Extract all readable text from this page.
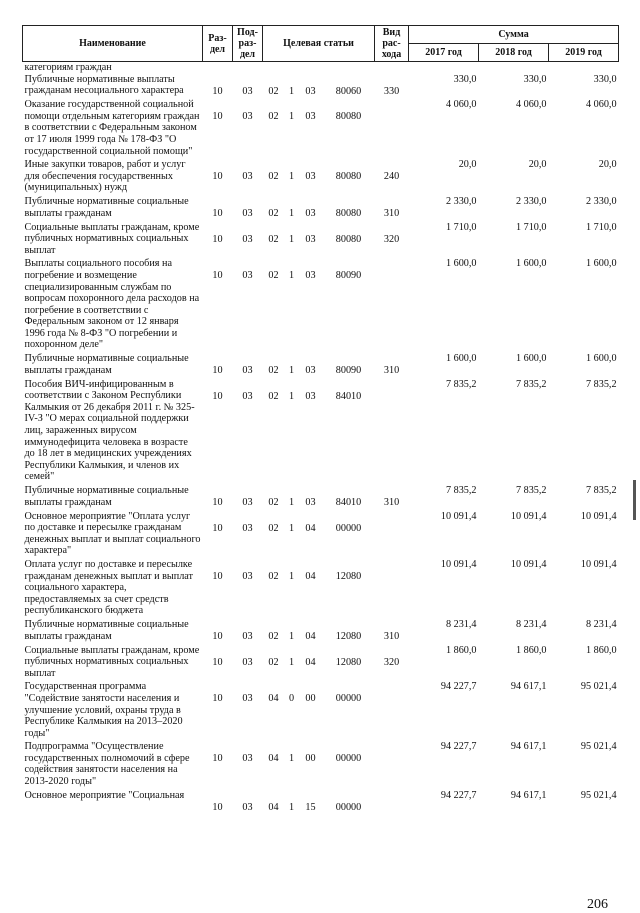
Наименование	Раз-дел	Под-раз-дел	Целевая статьи				Вид рас-хода	Сумма		
								2017 год	2018 год	2019 год
категориям граждан										
Публичные нормативные выплаты гражданам несоциального характера	10	03	02	1	03	80060	330	330,0	330,0	330,0
Оказание государственной социальной помощи отдельным категориям граждан в соответствии с Федеральным законом от 17 июля 1999 года № 178-ФЗ "О государственной социальной помощи"	10	03	02	1	03	80080		4 060,0	4 060,0	4 060,0
Иные закупки товаров, работ и услуг для обеспечения государственных (муниципальных) нужд	10	03	02	1	03	80080	240	20,0	20,0	20,0
Публичные нормативные социальные выплаты гражданам	10	03	02	1	03	80080	310	2 330,0	2 330,0	2 330,0
Социальные выплаты гражданам, кроме публичных нормативных социальных выплат	10	03	02	1	03	80080	320	1 710,0	1 710,0	1 710,0
Выплаты социального пособия на погребение и возмещение специализированным службам по вопросам похоронного дела расходов на погребение в соответствии с Федеральным законом от 12 января 1996 года № 8-ФЗ "О погребении и похоронном деле"	10	03	02	1	03	80090		1 600,0	1 600,0	1 600,0
Публичные нормативные социальные выплаты гражданам	10	03	02	1	03	80090	310	1 600,0	1 600,0	1 600,0
Пособия ВИЧ-инфицированным в соответствии с Законом Республики Калмыкия от 26 декабря 2011 г. № 325-IV-З "О мерах социальной поддержки лиц, зараженных вирусом иммунодефицита человека в возрасте до 18 лет в медицинских учреждениях Республики Калмыкия, и членов их семей"	10	03	02	1	03	84010		7 835,2	7 835,2	7 835,2
Публичные нормативные социальные выплаты гражданам	10	03	02	1	03	84010	310	7 835,2	7 835,2	7 835,2
Основное мероприятие "Оплата услуг по доставке и пересылке гражданам денежных выплат и выплат социального характера"	10	03	02	1	04	00000		10 091,4	10 091,4	10 091,4
Оплата услуг по доставке и пересылке гражданам денежных выплат и выплат социального характера, предоставляемых за счет средств республиканского бюджета	10	03	02	1	04	12080		10 091,4	10 091,4	10 091,4
Публичные нормативные социальные выплаты гражданам	10	03	02	1	04	12080	310	8 231,4	8 231,4	8 231,4
Социальные выплаты гражданам, кроме публичных нормативных социальных выплат	10	03	02	1	04	12080	320	1 860,0	1 860,0	1 860,0
Государственная программа "Содействие занятости населения и улучшение условий, охраны труда в Республике Калмыкия на 2013–2020 годы"	10	03	04	0	00	00000		94 227,7	94 617,1	95 021,4
Подпрограмма "Осуществление государственных полномочий в сфере содействия занятости населения на 2013-2020 годы"	10	03	04	1	00	00000		94 227,7	94 617,1	95 021,4
Основное мероприятие "Социальная	10	03	04	1	15	00000		94 227,7	94 617,1	95 021,4
206
